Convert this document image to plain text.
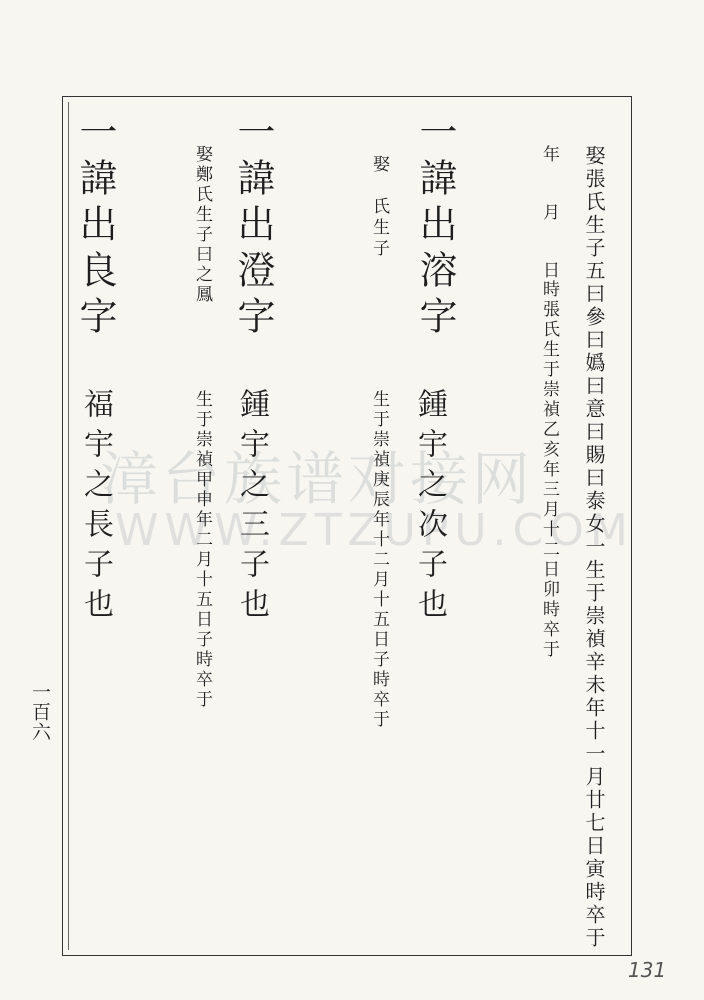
漳台族谱对接网
WWW.ZTZUPU.COM
娶張氏生子五曰參曰嬀曰意曰賜曰泰女一生于崇禎辛未年十一月廿七日寅時卒于
年　月　日
時張氏生于崇禎乙亥年三月十二日卯時卒于
一諱出溶字
鍾宇之次子也
娶　氏生子
生于崇禎庚辰年十二月十五日子時卒于
一諱出澄字
鍾宇之三子也
娶鄭氏生子曰之鳳
生于崇禎甲申年二月十五日子時卒于
一諱出良字
福宇之長子也
一百六
131
